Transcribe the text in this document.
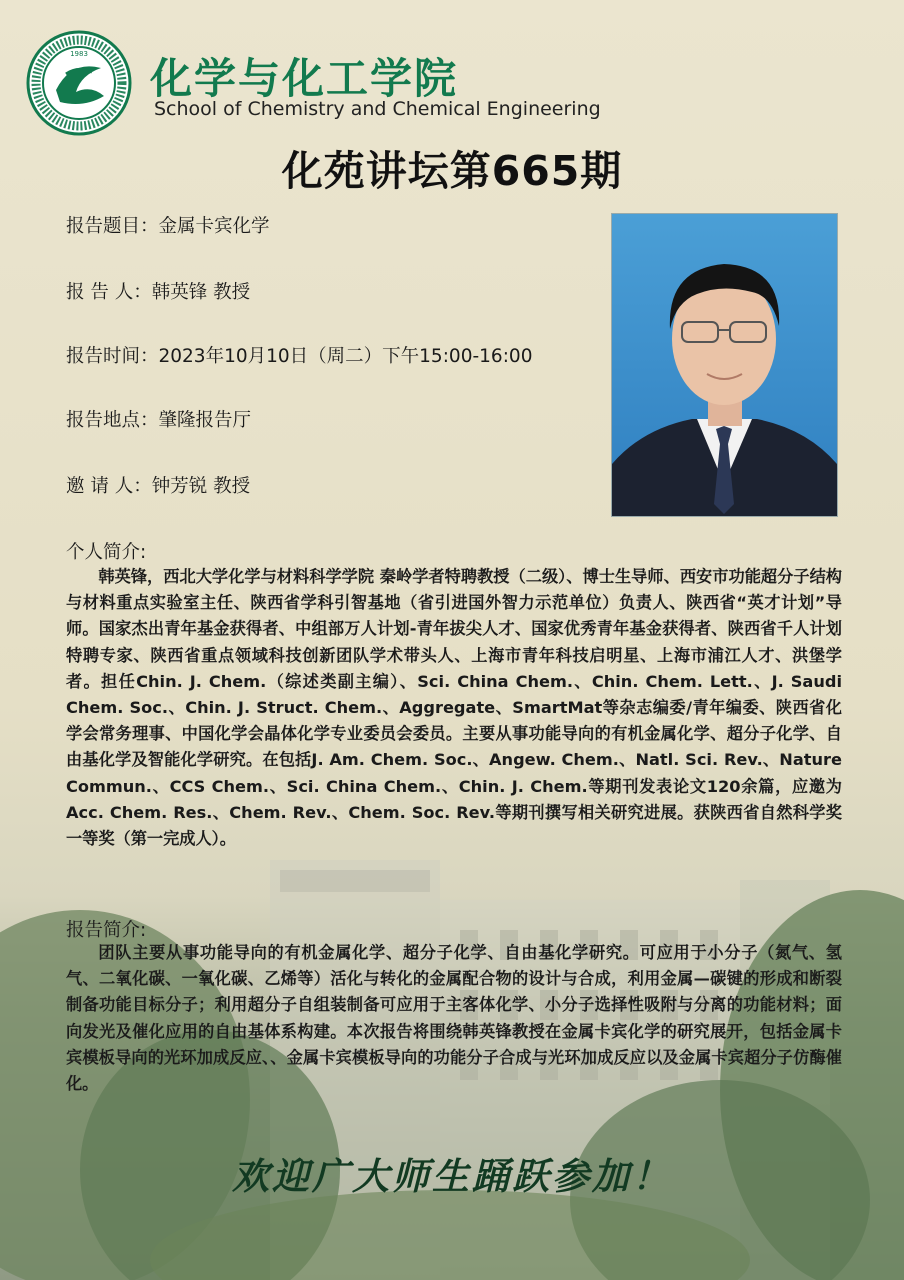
1983 化学与化工学院
School of Chemistry and Chemical Engineering
化苑讲坛第665期
报告题目：金属卡宾化学
报 告 人：韩英锋 教授
报告时间：2023年10月10日（周二）下午15:00-16:00
报告地点：肇隆报告厅
邀 请 人：钟芳锐 教授
个人简介:
韩英锋，西北大学化学与材料科学学院 秦岭学者特聘教授（二级）、博士生导师、西安市功能超分子结构与材料重点实验室主任、陕西省学科引智基地（省引进国外智力示范单位）负责人、陕西省“英才计划”导师。国家杰出青年基金获得者、中组部万人计划-青年拔尖人才、国家优秀青年基金获得者、陕西省千人计划特聘专家、陕西省重点领域科技创新团队学术带头人、上海市青年科技启明星、上海市浦江人才、洪堡学者。担任Chin. J. Chem.（综述类副主编）、Sci. China Chem.、Chin. Chem. Lett.、J. Saudi Chem. Soc.、Chin. J. Struct. Chem.、Aggregate、SmartMat等杂志编委/青年编委、陕西省化学会常务理事、中国化学会晶体化学专业委员会委员。主要从事功能导向的有机金属化学、超分子化学、自由基化学及智能化学研究。在包括J. Am. Chem. Soc.、Angew. Chem.、Natl. Sci. Rev.、Nature Commun.、CCS Chem.、Sci. China Chem.、Chin. J. Chem.等期刊发表论文120余篇，应邀为Acc. Chem. Res.、Chem. Rev.、Chem. Soc. Rev.等期刊撰写相关研究进展。获陕西省自然科学奖一等奖（第一完成人）。
报告简介:
团队主要从事功能导向的有机金属化学、超分子化学、自由基化学研究。可应用于小分子（氮气、氢气、二氧化碳、一氧化碳、乙烯等）活化与转化的金属配合物的设计与合成，利用金属—碳键的形成和断裂制备功能目标分子；利用超分子自组装制备可应用于主客体化学、小分子选择性吸附与分离的功能材料；面向发光及催化应用的自由基体系构建。本次报告将围绕韩英锋教授在金属卡宾化学的研究展开，包括金属卡宾模板导向的光环加成反应、、金属卡宾模板导向的功能分子合成与光环加成反应以及金属卡宾超分子仿酶催化。
欢迎广大师生踊跃参加！
